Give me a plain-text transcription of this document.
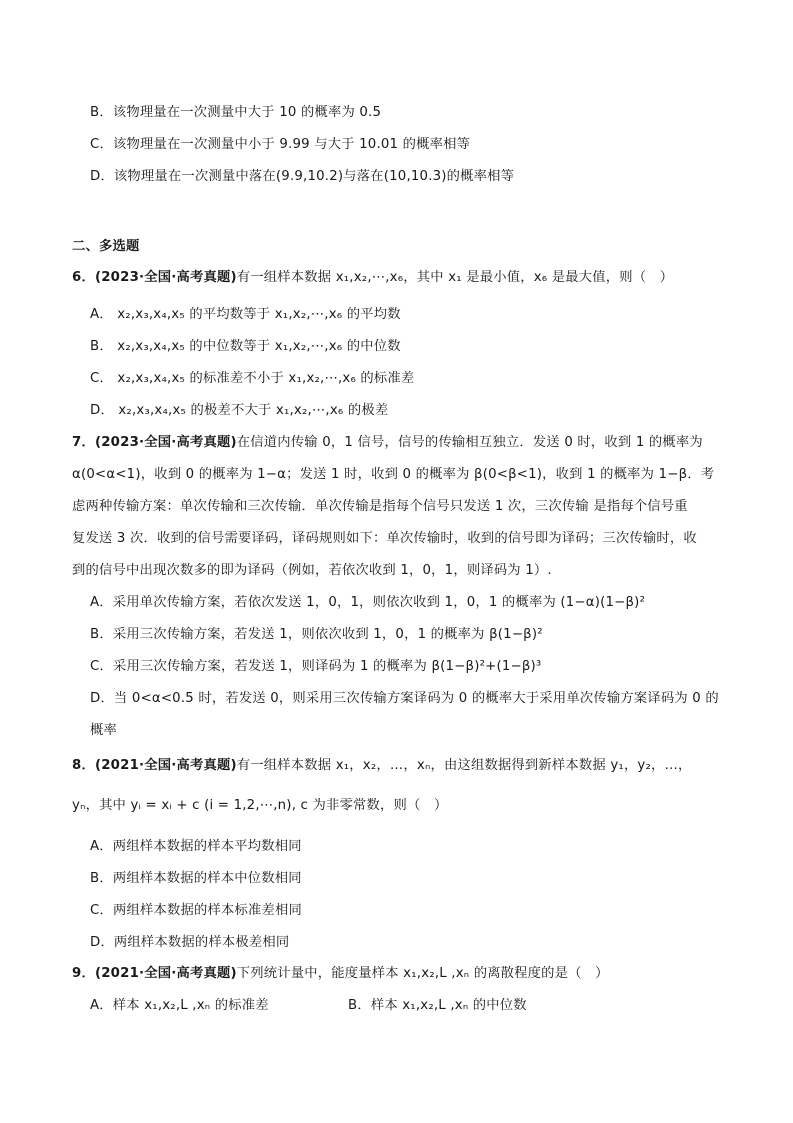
B．该物理量在一次测量中大于 10 的概率为 0.5
C．该物理量在一次测量中小于 9.99 与大于 10.01 的概率相等
D．该物理量在一次测量中落在(9.9,10.2)与落在(10,10.3)的概率相等
二、多选题
6．(2023·全国·高考真题)有一组样本数据 x₁,x₂,⋯,x₆，其中 x₁ 是最小值，x₆ 是最大值，则（　）
A． x₂,x₃,x₄,x₅ 的平均数等于 x₁,x₂,⋯,x₆ 的平均数
B． x₂,x₃,x₄,x₅ 的中位数等于 x₁,x₂,⋯,x₆ 的中位数
C． x₂,x₃,x₄,x₅ 的标准差不小于 x₁,x₂,⋯,x₆ 的标准差
D． x₂,x₃,x₄,x₅ 的极差不大于 x₁,x₂,⋯,x₆ 的极差
7．(2023·全国·高考真题)在信道内传输 0，1 信号，信号的传输相互独立．发送 0 时，收到 1 的概率为
α(0<α<1)，收到 0 的概率为 1−α；发送 1 时，收到 0 的概率为 β(0<β<1)，收到 1 的概率为 1−β．考
虑两种传输方案：单次传输和三次传输．单次传输是指每个信号只发送 1 次，三次传输 是指每个信号重
复发送 3 次．收到的信号需要译码，译码规则如下：单次传输时，收到的信号即为译码；三次传输时，收
到的信号中出现次数多的即为译码（例如，若依次收到 1，0，1，则译码为 1）.
A．采用单次传输方案，若依次发送 1，0，1，则依次收到 1，0，1 的概率为 (1−α)(1−β)²
B．采用三次传输方案，若发送 1，则依次收到 1，0，1 的概率为 β(1−β)²
C．采用三次传输方案，若发送 1，则译码为 1 的概率为 β(1−β)²+(1−β)³
D．当 0<α<0.5 时，若发送 0，则采用三次传输方案译码为 0 的概率大于采用单次传输方案译码为 0 的
概率
8．(2021·全国·高考真题)有一组样本数据 x₁，x₂，…，xₙ，由这组数据得到新样本数据 y₁，y₂，…，
yₙ，其中 yᵢ = xᵢ + c (i = 1,2,⋯,n), c 为非零常数，则（　）
A．两组样本数据的样本平均数相同
B．两组样本数据的样本中位数相同
C．两组样本数据的样本标准差相同
D．两组样本数据的样本极差相同
9．(2021·全国·高考真题)下列统计量中，能度量样本 x₁,x₂,L ,xₙ 的离散程度的是（　）
A．样本 x₁,x₂,L ,xₙ 的标准差	B．样本 x₁,x₂,L ,xₙ 的中位数
